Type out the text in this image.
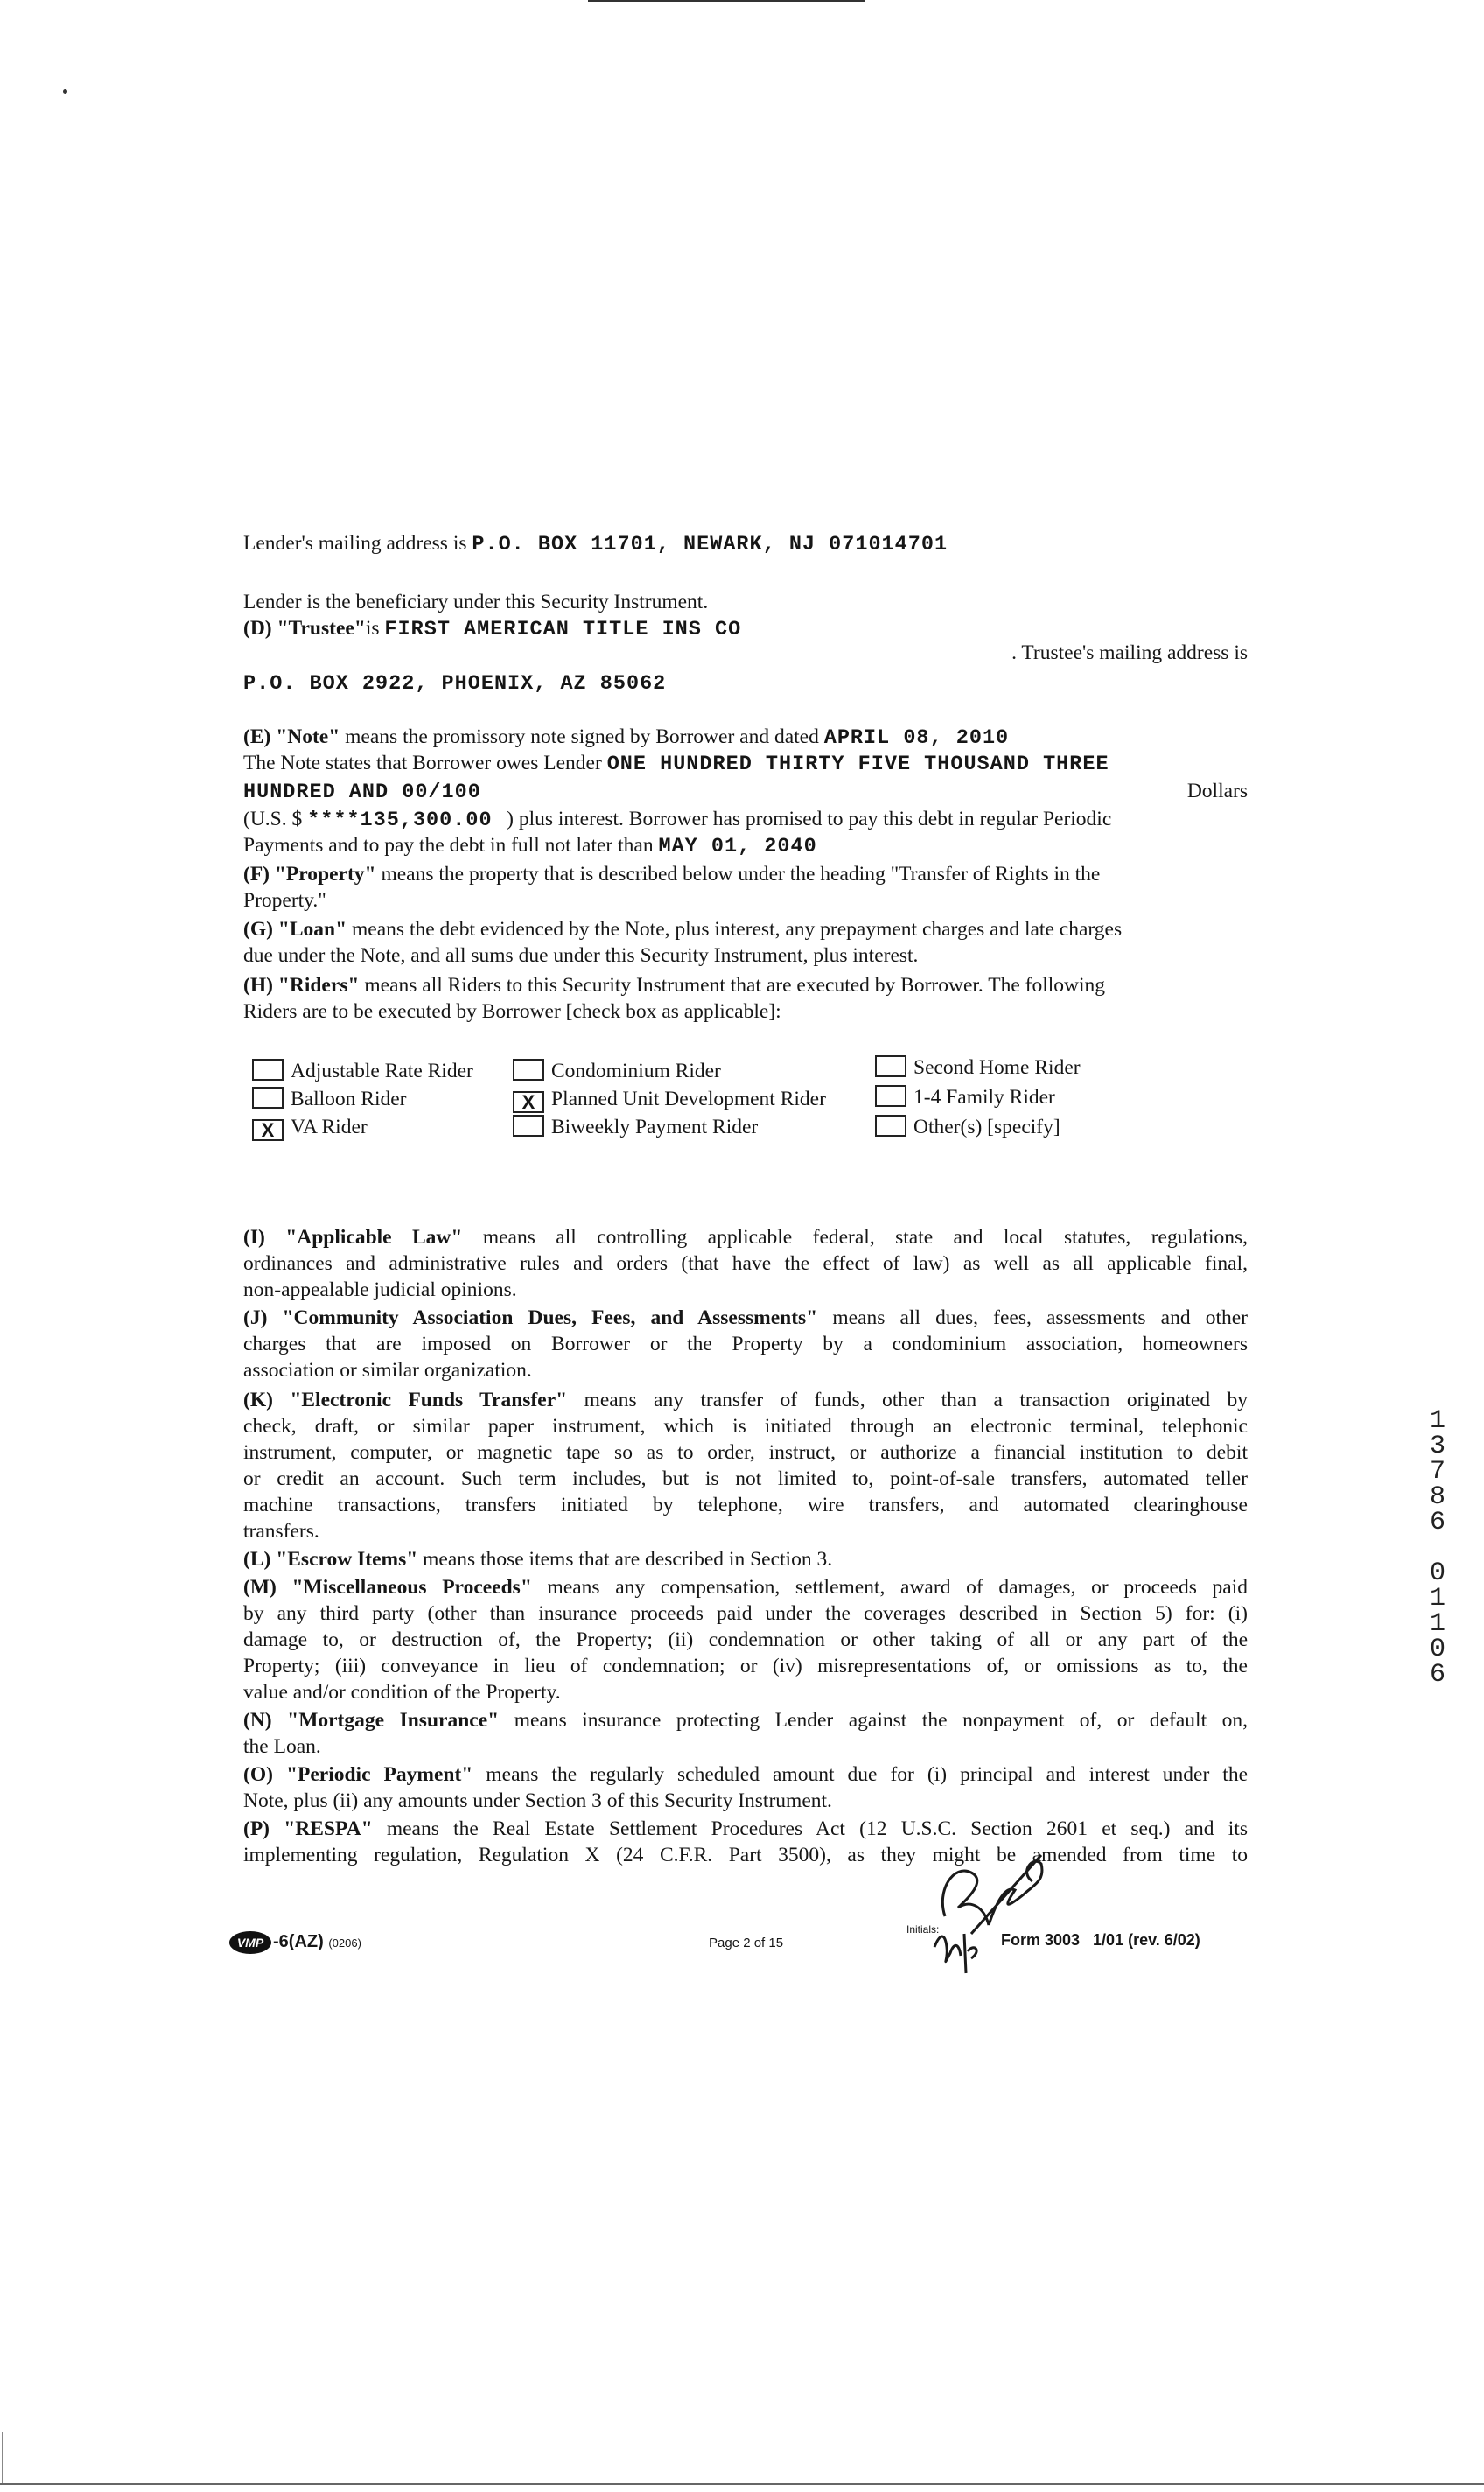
Lender's mailing address is P.O. BOX 11701, NEWARK, NJ 071014701
Lender is the beneficiary under this Security Instrument.
(D) "Trustee"is FIRST AMERICAN TITLE INS CO
. Trustee's mailing address is
P.O. BOX 2922, PHOENIX, AZ 85062
(E) "Note" means the promissory note signed by Borrower and dated APRIL 08, 2010
The Note states that Borrower owes Lender ONE HUNDRED THIRTY FIVE THOUSAND THREE
HUNDRED AND 00/100	Dollars
(U.S. $ ****135,300.00 ) plus interest. Borrower has promised to pay this debt in regular Periodic
Payments and to pay the debt in full not later than MAY 01, 2040
(F) "Property" means the property that is described below under the heading "Transfer of Rights in the
Property."
(G) "Loan" means the debt evidenced by the Note, plus interest, any prepayment charges and late charges
due under the Note, and all sums due under this Security Instrument, plus interest.
(H) "Riders" means all Riders to this Security Instrument that are executed by Borrower. The following
Riders are to be executed by Borrower [check box as applicable]:
Adjustable Rate Rider
Balloon Rider
X VA Rider
Condominium Rider
X Planned Unit Development Rider
Biweekly Payment Rider
Second Home Rider
1-4 Family Rider
Other(s) [specify]
(I) "Applicable Law" means all controlling applicable federal, state and local statutes, regulations,
ordinances and administrative rules and orders (that have the effect of law) as well as all applicable final,
non-appealable judicial opinions.
(J) "Community Association Dues, Fees, and Assessments" means all dues, fees, assessments and other
charges that are imposed on Borrower or the Property by a condominium association, homeowners
association or similar organization.
(K) "Electronic Funds Transfer" means any transfer of funds, other than a transaction originated by
check, draft, or similar paper instrument, which is initiated through an electronic terminal, telephonic
instrument, computer, or magnetic tape so as to order, instruct, or authorize a financial institution to debit
or credit an account. Such term includes, but is not limited to, point-of-sale transfers, automated teller
machine transactions, transfers initiated by telephone, wire transfers, and automated clearinghouse
transfers.
(L) "Escrow Items" means those items that are described in Section 3.
(M) "Miscellaneous Proceeds" means any compensation, settlement, award of damages, or proceeds paid
by any third party (other than insurance proceeds paid under the coverages described in Section 5) for: (i)
damage to, or destruction of, the Property; (ii) condemnation or other taking of all or any part of the
Property; (iii) conveyance in lieu of condemnation; or (iv) misrepresentations of, or omissions as to, the
value and/or condition of the Property.
(N) "Mortgage Insurance" means insurance protecting Lender against the nonpayment of, or default on,
the Loan.
(O) "Periodic Payment" means the regularly scheduled amount due for (i) principal and interest under the
Note, plus (ii) any amounts under Section 3 of this Security Instrument.
(P) "RESPA" means the Real Estate Settlement Procedures Act (12 U.S.C. Section 2601 et seq.) and its
implementing regulation, Regulation X (24 C.F.R. Part 3500), as they might be amended from time to
VMP -6(AZ) (0206)	Page 2 of 15
Initials:
Form 3003   1/01 (rev. 6/02)
1
3
7
8
6
0
1
1
0
6
